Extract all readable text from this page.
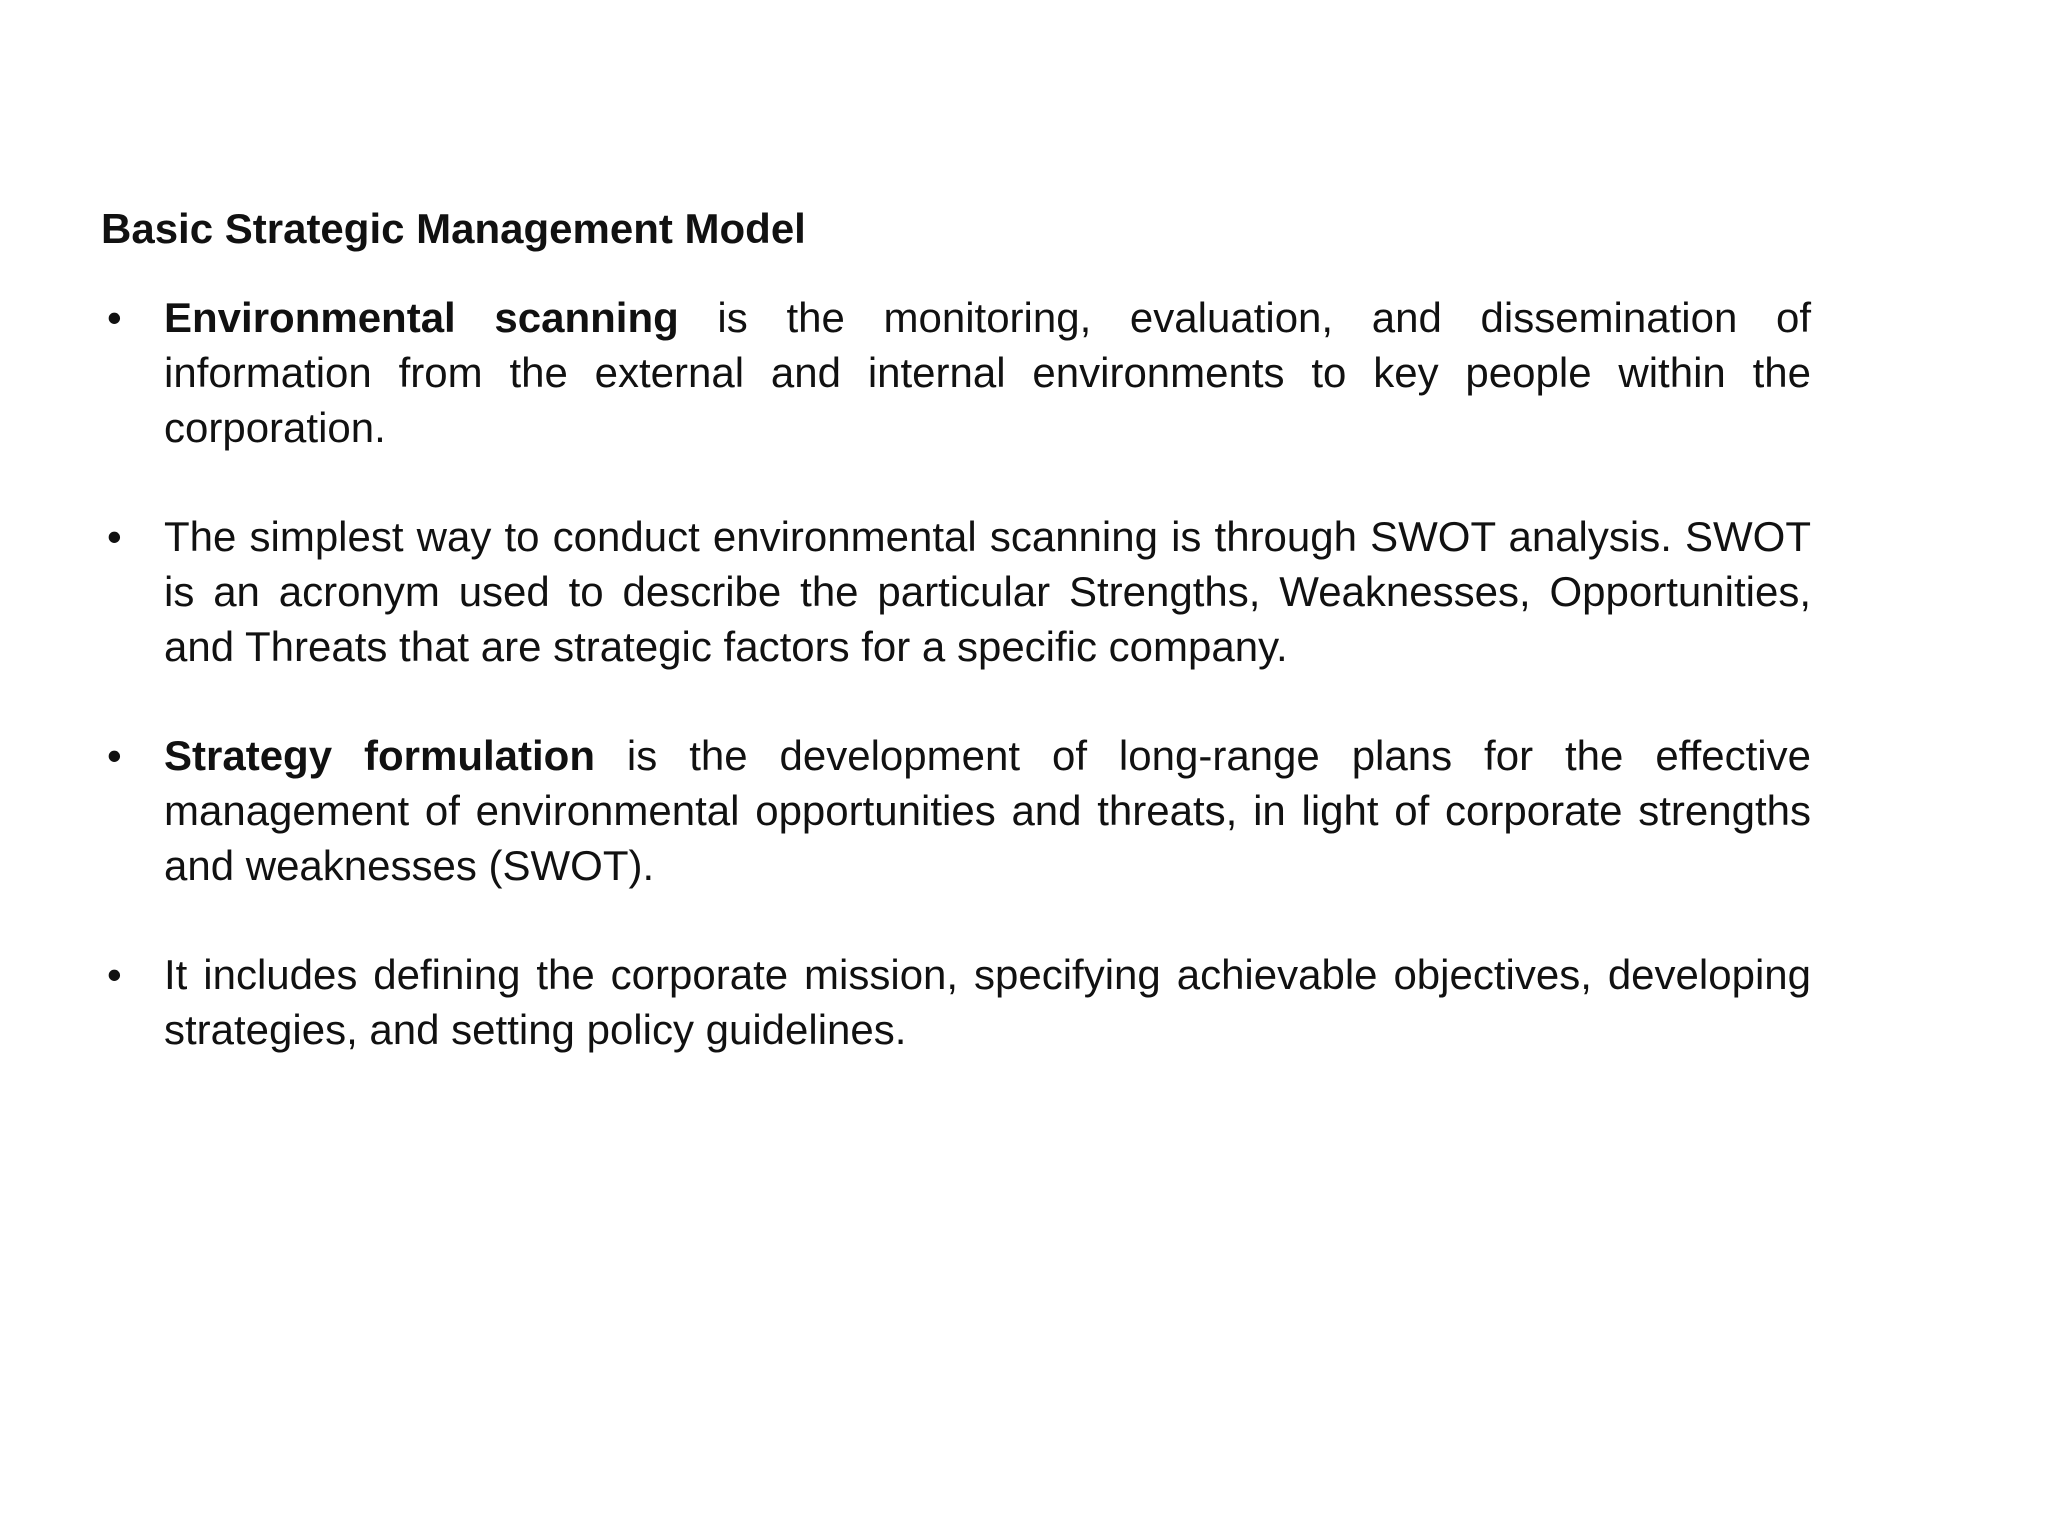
Basic Strategic Management Model
• Environmental scanning is the monitoring, evaluation, and dissemination of information from the external and internal environments to key people within the corporation.
• The simplest way to conduct environmental scanning is through SWOT analysis. SWOT is an acronym used to describe the particular Strengths, Weaknesses, Opportunities, and Threats that are strategic factors for a specific company.
• Strategy formulation is the development of long-range plans for the effective management of environmental opportunities and threats, in light of corporate strengths and weaknesses (SWOT).
• It includes defining the corporate mission, specifying achievable objectives, developing strategies, and setting policy guidelines.
